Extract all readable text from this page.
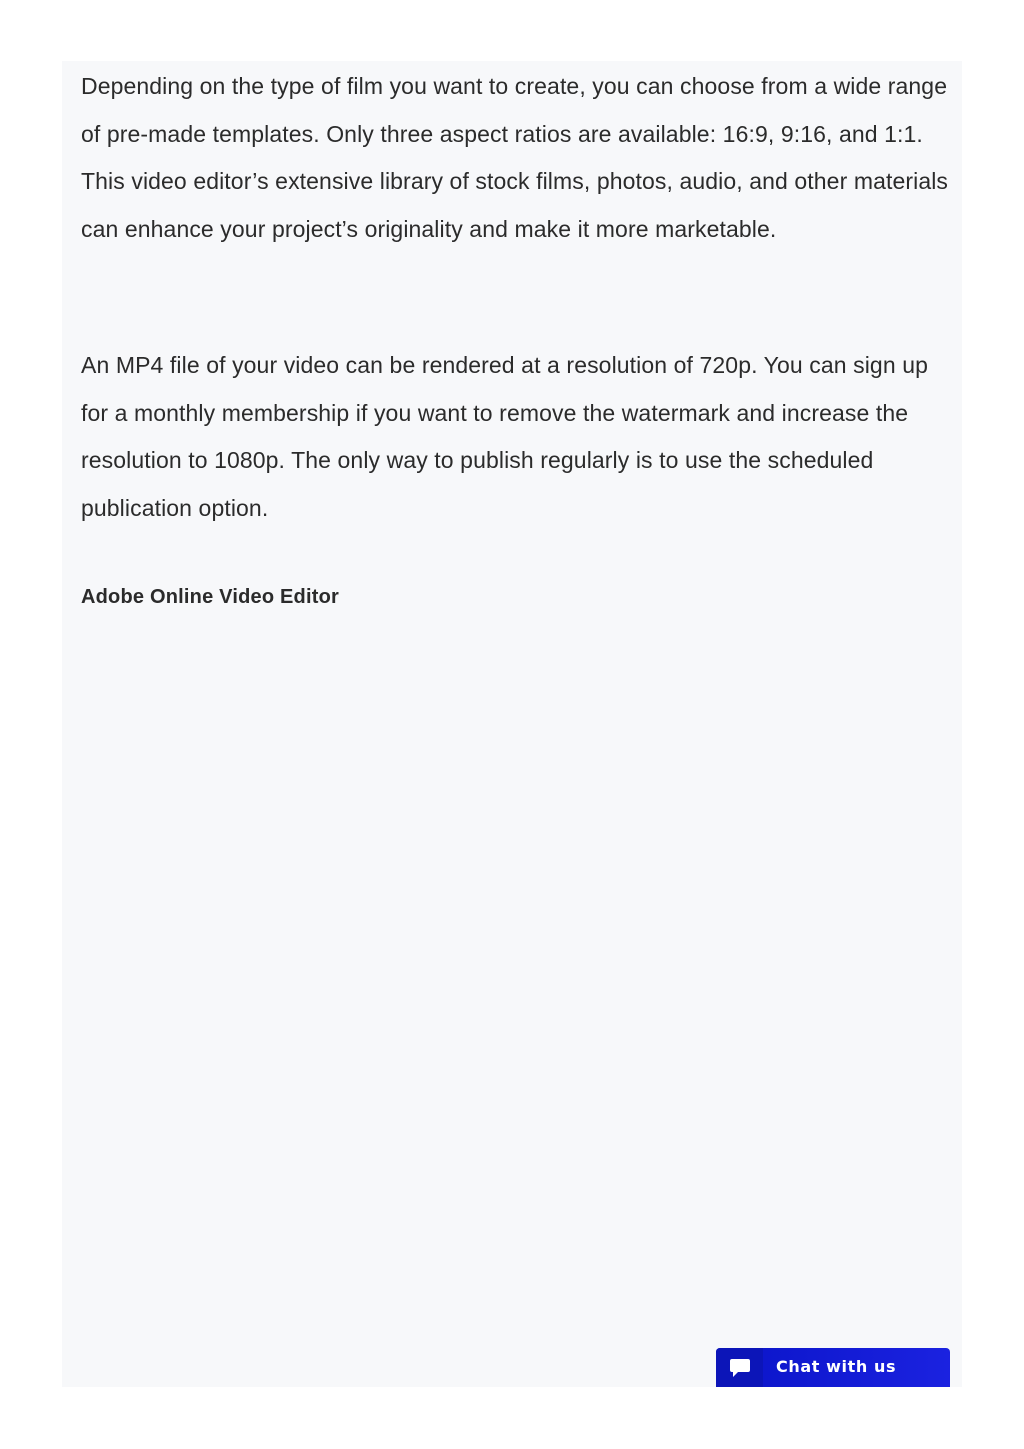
Depending on the type of film you want to create, you can choose from a wide range of pre-made templates. Only three aspect ratios are available: 16:9, 9:16, and 1:1. This video editor’s extensive library of stock films, photos, audio, and other materials can enhance your project’s originality and make it more marketable.

An MP4 file of your video can be rendered at a resolution of 720p. You can sign up for a monthly membership if you want to remove the watermark and increase the resolution to 1080p. The only way to publish regularly is to use the scheduled publication option.

Adobe Online Video Editor
Chat with us
